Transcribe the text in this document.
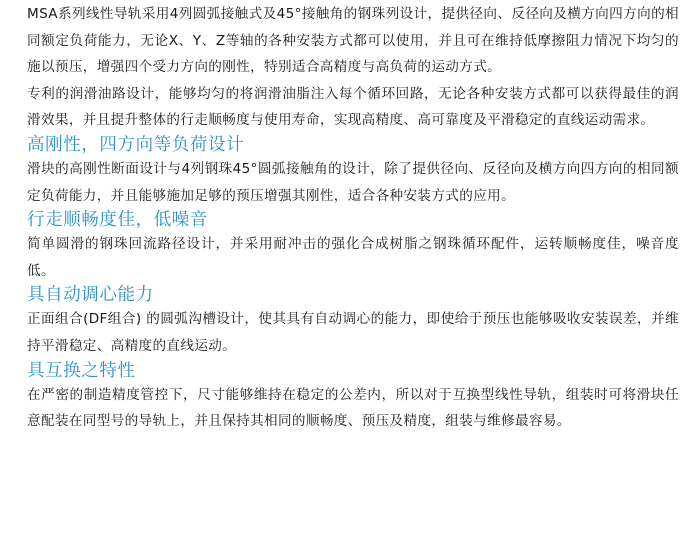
MSA系列线性导轨采用4列圆弧接触式及45°接触角的钢珠列设计，提供径向、反径向及横方向四方向的相同额定负荷能力，无论X、Y、Z等轴的各种安装方式都可以使用，并且可在维持低摩擦阻力情况下均匀的施以预压，增强四个受力方向的刚性，特别适合高精度与高负荷的运动方式。

专利的润滑油路设计，能够均匀的将润滑油脂注入每个循环回路，无论各种安装方式都可以获得最佳的润滑效果，并且提升整体的行走顺畅度与使用寿命，实现高精度、高可靠度及平滑稳定的直线运动需求。

高刚性，四方向等负荷设计

滑块的高刚性断面设计与4列钢珠45°圆弧接触角的设计，除了提供径向、反径向及横方向四方向的相同额定负荷能力，并且能够施加足够的预压增强其刚性，适合各种安装方式的应用。

行走顺畅度佳，低噪音

简单圆滑的钢珠回流路径设计，并采用耐冲击的强化合成树脂之钢珠循环配件，运转顺畅度佳，噪音度低。

具自动调心能力

正面组合(DF组合) 的圆弧沟槽设计，使其具有自动调心的能力，即使给于预压也能够吸收安装误差，并维持平滑稳定、高精度的直线运动。

具互换之特性

在严密的制造精度管控下，尺寸能够维持在稳定的公差内，所以对于互换型线性导轨，组装时可将滑块任意配装在同型号的导轨上，并且保持其相同的顺畅度、预压及精度，组装与维修最容易。
